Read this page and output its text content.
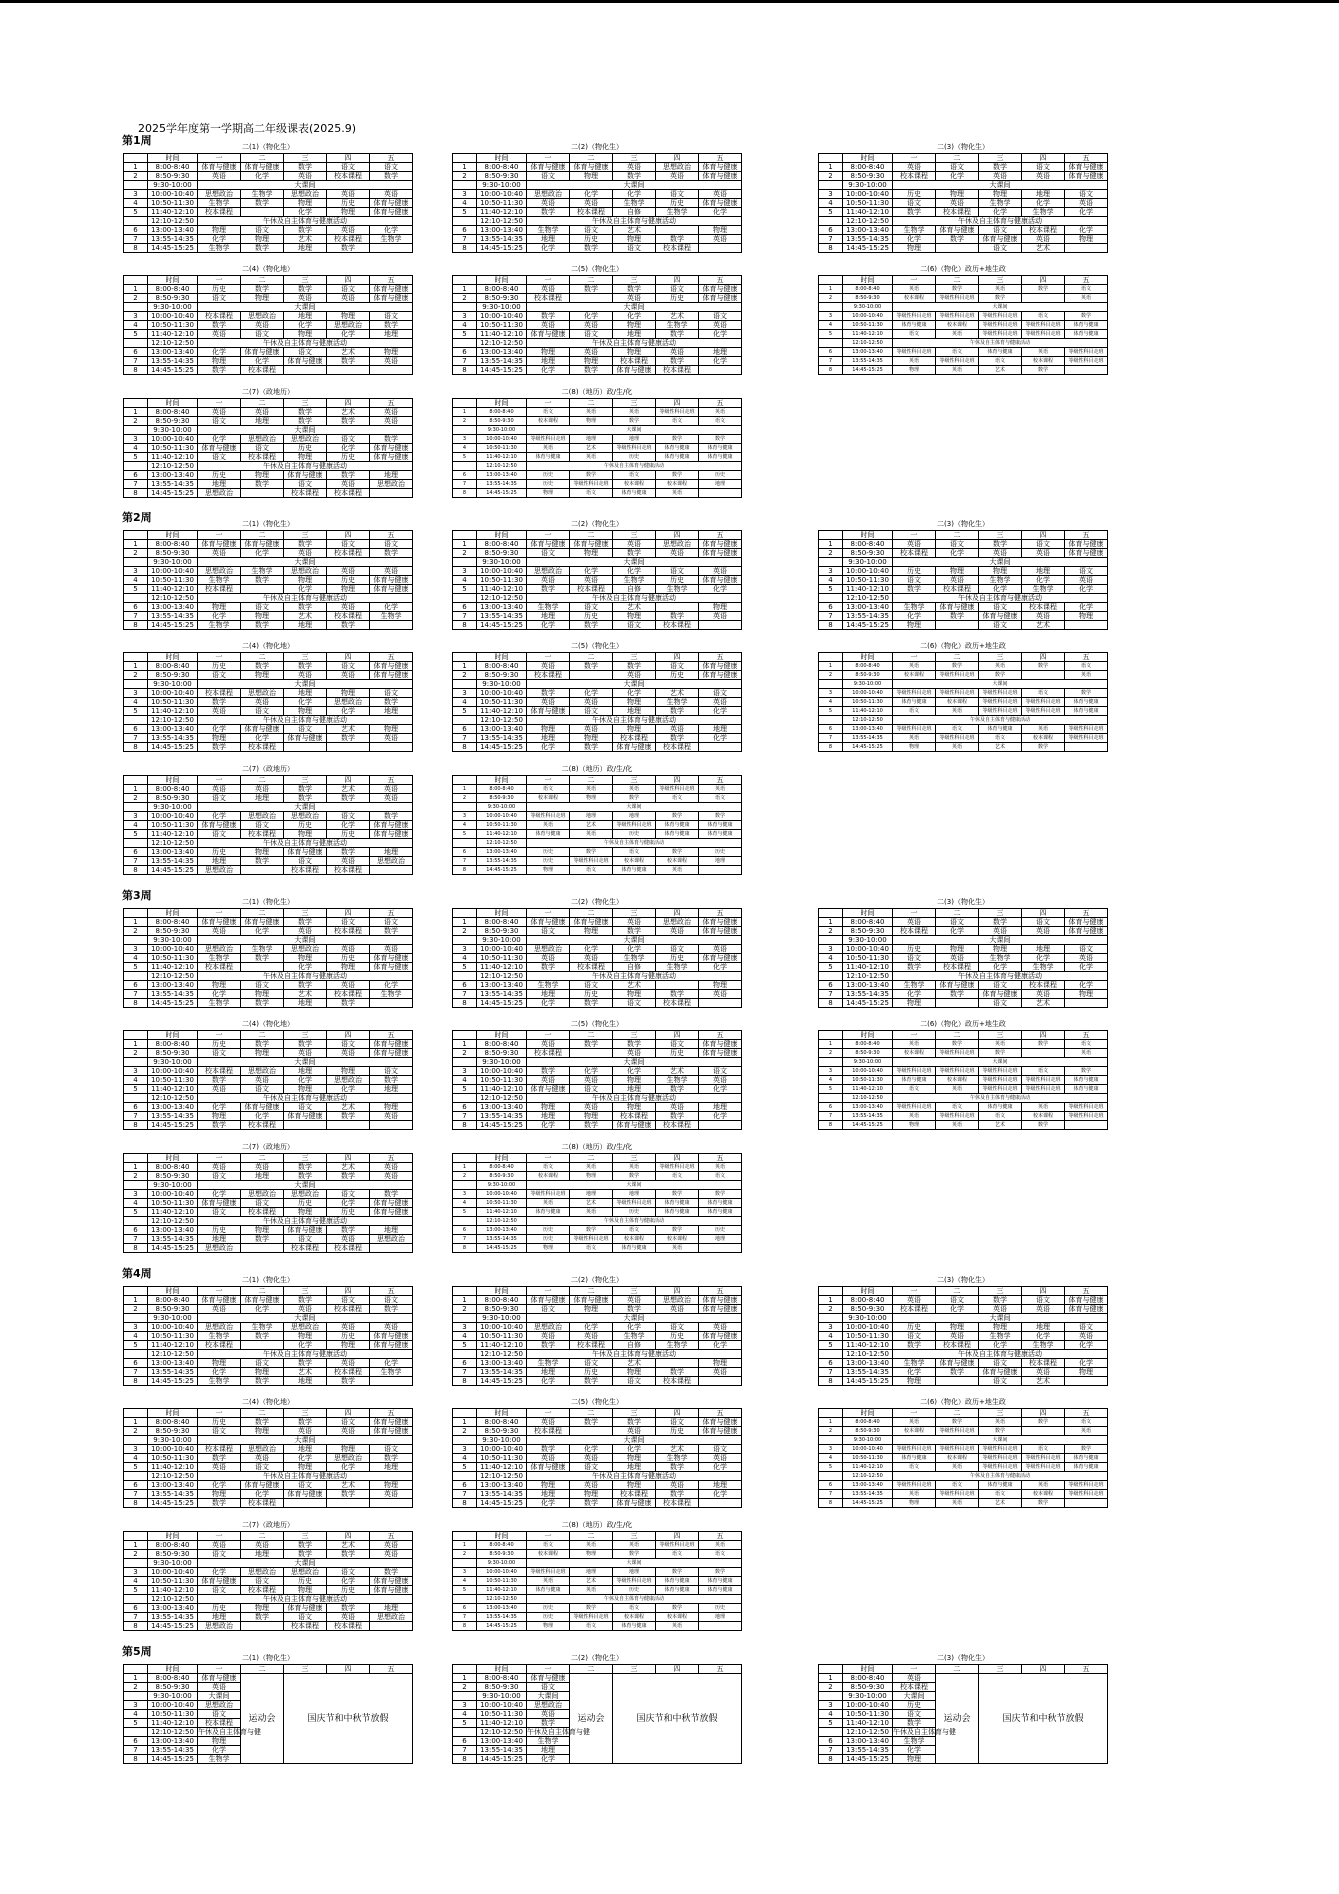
2025学年度第一学期高二年级课表(2025.9)
第1周	二(1)（物化生）
	时间	一	二	三	四	五
1	8:00-8:40	体育与健康	体育与健康	数学	语文	语文
2	8:50-9:30	英语	化学	英语	校本课程	数学
	9:30-10:00	大课间				
3	10:00-10:40	思想政治	生物学	思想政治	英语	英语
4	10:50-11:30	生物学	数学	物理	历史	体育与健康
5	11:40-12:10	校本课程		化学	物理	体育与健康
	12:10-12:50	午休及自主体育与健康活动				
6	13:00-13:40	物理	语文	数学	英语	化学
7	13:55-14:35	化学	物理	艺术	校本课程	生物学
8	14:45-15:25	生物学	数学	地理	数学	
二(2)（物化生）
	时间	一	二	三	四	五
1	8:00-8:40	体育与健康	体育与健康	英语	思想政治	体育与健康
2	8:50-9:30	语文	物理	数学	英语	体育与健康
	9:30-10:00	大课间				
3	10:00-10:40	思想政治	化学	化学	语文	英语
4	10:50-11:30	英语	英语	生物学	历史	体育与健康
5	11:40-12:10	数学	校本课程	自修	生物学	化学
	12:10-12:50	午休及自主体育与健康活动				
6	13:00-13:40	生物学	语文	艺术		物理
7	13:55-14:35	地理	历史	物理	数学	英语
8	14:45-15:25	化学	数学	语文	校本课程	
二(3)（物化生）
	时间	一	二	三	四	五
1	8:00-8:40	英语	语文	数学	语文	体育与健康
2	8:50-9:30	校本课程	化学	英语	英语	体育与健康
	9:30-10:00	大课间				
3	10:00-10:40	历史	物理	物理	地理	语文
4	10:50-11:30	语文	英语	生物学	化学	英语
5	11:40-12:10	数学	校本课程	化学	生物学	化学
	12:10-12:50	午休及自主体育与健康活动				
6	13:00-13:40	生物学	体育与健康	语文	校本课程	化学
7	13:55-14:35	化学	数学	体育与健康	英语	物理
8	14:45-15:25	物理		语文	艺术	
二(4)（物化地）
	时间	一	二	三	四	五
1	8:00-8:40	历史	数学	数学	语文	体育与健康
2	8:50-9:30	语文	物理	英语	英语	体育与健康
	9:30-10:00	大课间				
3	10:00-10:40	校本课程	思想政治	地理	物理	语文
4	10:50-11:30	数学	英语	化学	思想政治	数学
5	11:40-12:10	英语	语文	物理	化学	地理
	12:10-12:50	午休及自主体育与健康活动				
6	13:00-13:40	化学	体育与健康	语文	艺术	物理
7	13:55-14:35	物理	化学	体育与健康	数学	英语
8	14:45-15:25	数学	校本课程			
二(5)（物化生）
	时间	一	二	三	四	五
1	8:00-8:40	英语	数学	数学	语文	体育与健康
2	8:50-9:30	校本课程		英语	历史	体育与健康
	9:30-10:00	大课间				
3	10:00-10:40	数学	化学	化学	艺术	语文
4	10:50-11:30	英语	英语	物理	生物学	英语
5	11:40-12:10	体育与健康	语文	地理	数学	化学
	12:10-12:50	午休及自主体育与健康活动				
6	13:00-13:40	物理	英语	物理	英语	地理
7	13:55-14:35	地理	物理	校本课程	数学	化学
8	14:45-15:25	化学	数学	体育与健康	校本课程	
二(6)（物化）政历+地生政
	时间	一	二	三	四	五
1	8:00-8:40	英语	数学	英语	数学	语文
2	8:50-9:30	校本课程	等级性科目走班	数学		英语
	9:30-10:00	大课间				
3	10:00-10:40	等级性科目走班	等级性科目走班	等级性科目走班	语文	数学
4	10:50-11:30	体育与健康	校本课程	等级性科目走班	等级性科目走班	体育与健康
5	11:40-12:10	语文	英语	等级性科目走班	等级性科目走班	体育与健康
	12:10-12:50	午休及自主体育与健康活动				
6	13:00-13:40	等级性科目走班	语文	体育与健康	英语	等级性科目走班
7	13:55-14:35	英语	等级性科目走班	语文	校本课程	等级性科目走班
8	14:45-15:25	物理	英语	艺术	数学	
二(7)（政地历）
	时间	一	二	三	四	五
1	8:00-8:40	英语	英语	数学	艺术	英语
2	8:50-9:30	语文	地理	数学	数学	英语
	9:30-10:00	大课间				
3	10:00-10:40	化学	思想政治	思想政治	语文	数学
4	10:50-11:30	体育与健康	语文	历史	化学	体育与健康
5	11:40-12:10	语文	校本课程	物理	历史	体育与健康
	12:10-12:50	午休及自主体育与健康活动				
6	13:00-13:40	历史	物理	体育与健康	数学	地理
7	13:55-14:35	地理	数学	语文	英语	思想政治
8	14:45-15:25	思想政治		校本课程	校本课程	
二(8)（地历）政/生/化
	时间	一	二	三	四	五
1	8:00-8:40	语文	英语	英语	等级性科目走班	英语
2	8:50-9:30	校本课程	物理	数学	语文	语文
	9:30-10:00	大课间				
3	10:00-10:40	等级性科目走班	地理	地理	数学	数学
4	10:50-11:30	英语	艺术	等级性科目走班	体育与健康	体育与健康
5	11:40-12:10	体育与健康	英语	历史	体育与健康	体育与健康
	12:10-12:50	午休及自主体育与健康活动				
6	13:00-13:40	历史	数学	语文	数学	历史
7	13:55-14:35	历史	等级性科目走班	校本课程	校本课程	地理
8	14:45-15:25	物理	语文	体育与健康	英语	
第2周	二(1)（物化生）
	时间	一	二	三	四	五
1	8:00-8:40	体育与健康	体育与健康	数学	语文	语文
2	8:50-9:30	英语	化学	英语	校本课程	数学
	9:30-10:00	大课间				
3	10:00-10:40	思想政治	生物学	思想政治	英语	英语
4	10:50-11:30	生物学	数学	物理	历史	体育与健康
5	11:40-12:10	校本课程		化学	物理	体育与健康
	12:10-12:50	午休及自主体育与健康活动				
6	13:00-13:40	物理	语文	数学	英语	化学
7	13:55-14:35	化学	物理	艺术	校本课程	生物学
8	14:45-15:25	生物学	数学	地理	数学	
二(2)（物化生）
	时间	一	二	三	四	五
1	8:00-8:40	体育与健康	体育与健康	英语	思想政治	体育与健康
2	8:50-9:30	语文	物理	数学	英语	体育与健康
	9:30-10:00	大课间				
3	10:00-10:40	思想政治	化学	化学	语文	英语
4	10:50-11:30	英语	英语	生物学	历史	体育与健康
5	11:40-12:10	数学	校本课程	自修	生物学	化学
	12:10-12:50	午休及自主体育与健康活动				
6	13:00-13:40	生物学	语文	艺术		物理
7	13:55-14:35	地理	历史	物理	数学	英语
8	14:45-15:25	化学	数学	语文	校本课程	
二(3)（物化生）
	时间	一	二	三	四	五
1	8:00-8:40	英语	语文	数学	语文	体育与健康
2	8:50-9:30	校本课程	化学	英语	英语	体育与健康
	9:30-10:00	大课间				
3	10:00-10:40	历史	物理	物理	地理	语文
4	10:50-11:30	语文	英语	生物学	化学	英语
5	11:40-12:10	数学	校本课程	化学	生物学	化学
	12:10-12:50	午休及自主体育与健康活动				
6	13:00-13:40	生物学	体育与健康	语文	校本课程	化学
7	13:55-14:35	化学	数学	体育与健康	英语	物理
8	14:45-15:25	物理		语文	艺术	
二(4)（物化地）
	时间	一	二	三	四	五
1	8:00-8:40	历史	数学	数学	语文	体育与健康
2	8:50-9:30	语文	物理	英语	英语	体育与健康
	9:30-10:00	大课间				
3	10:00-10:40	校本课程	思想政治	地理	物理	语文
4	10:50-11:30	数学	英语	化学	思想政治	数学
5	11:40-12:10	英语	语文	物理	化学	地理
	12:10-12:50	午休及自主体育与健康活动				
6	13:00-13:40	化学	体育与健康	语文	艺术	物理
7	13:55-14:35	物理	化学	体育与健康	数学	英语
8	14:45-15:25	数学	校本课程			
二(5)（物化生）
	时间	一	二	三	四	五
1	8:00-8:40	英语	数学	数学	语文	体育与健康
2	8:50-9:30	校本课程		英语	历史	体育与健康
	9:30-10:00	大课间				
3	10:00-10:40	数学	化学	化学	艺术	语文
4	10:50-11:30	英语	英语	物理	生物学	英语
5	11:40-12:10	体育与健康	语文	地理	数学	化学
	12:10-12:50	午休及自主体育与健康活动				
6	13:00-13:40	物理	英语	物理	英语	地理
7	13:55-14:35	地理	物理	校本课程	数学	化学
8	14:45-15:25	化学	数学	体育与健康	校本课程	
二(6)（物化）政历+地生政
	时间	一	二	三	四	五
1	8:00-8:40	英语	数学	英语	数学	语文
2	8:50-9:30	校本课程	等级性科目走班	数学		英语
	9:30-10:00	大课间				
3	10:00-10:40	等级性科目走班	等级性科目走班	等级性科目走班	语文	数学
4	10:50-11:30	体育与健康	校本课程	等级性科目走班	等级性科目走班	体育与健康
5	11:40-12:10	语文	英语	等级性科目走班	等级性科目走班	体育与健康
	12:10-12:50	午休及自主体育与健康活动				
6	13:00-13:40	等级性科目走班	语文	体育与健康	英语	等级性科目走班
7	13:55-14:35	英语	等级性科目走班	语文	校本课程	等级性科目走班
8	14:45-15:25	物理	英语	艺术	数学	
二(7)（政地历）
	时间	一	二	三	四	五
1	8:00-8:40	英语	英语	数学	艺术	英语
2	8:50-9:30	语文	地理	数学	数学	英语
	9:30-10:00	大课间				
3	10:00-10:40	化学	思想政治	思想政治	语文	数学
4	10:50-11:30	体育与健康	语文	历史	化学	体育与健康
5	11:40-12:10	语文	校本课程	物理	历史	体育与健康
	12:10-12:50	午休及自主体育与健康活动				
6	13:00-13:40	历史	物理	体育与健康	数学	地理
7	13:55-14:35	地理	数学	语文	英语	思想政治
8	14:45-15:25	思想政治		校本课程	校本课程	
二(8)（地历）政/生/化
	时间	一	二	三	四	五
1	8:00-8:40	语文	英语	英语	等级性科目走班	英语
2	8:50-9:30	校本课程	物理	数学	语文	语文
	9:30-10:00	大课间				
3	10:00-10:40	等级性科目走班	地理	地理	数学	数学
4	10:50-11:30	英语	艺术	等级性科目走班	体育与健康	体育与健康
5	11:40-12:10	体育与健康	英语	历史	体育与健康	体育与健康
	12:10-12:50	午休及自主体育与健康活动				
6	13:00-13:40	历史	数学	语文	数学	历史
7	13:55-14:35	历史	等级性科目走班	校本课程	校本课程	地理
8	14:45-15:25	物理	语文	体育与健康	英语	
第3周	二(1)（物化生）
	时间	一	二	三	四	五
1	8:00-8:40	体育与健康	体育与健康	数学	语文	语文
2	8:50-9:30	英语	化学	英语	校本课程	数学
	9:30-10:00	大课间				
3	10:00-10:40	思想政治	生物学	思想政治	英语	英语
4	10:50-11:30	生物学	数学	物理	历史	体育与健康
5	11:40-12:10	校本课程		化学	物理	体育与健康
	12:10-12:50	午休及自主体育与健康活动				
6	13:00-13:40	物理	语文	数学	英语	化学
7	13:55-14:35	化学	物理	艺术	校本课程	生物学
8	14:45-15:25	生物学	数学	地理	数学	
二(2)（物化生）
	时间	一	二	三	四	五
1	8:00-8:40	体育与健康	体育与健康	英语	思想政治	体育与健康
2	8:50-9:30	语文	物理	数学	英语	体育与健康
	9:30-10:00	大课间				
3	10:00-10:40	思想政治	化学	化学	语文	英语
4	10:50-11:30	英语	英语	生物学	历史	体育与健康
5	11:40-12:10	数学	校本课程	自修	生物学	化学
	12:10-12:50	午休及自主体育与健康活动				
6	13:00-13:40	生物学	语文	艺术		物理
7	13:55-14:35	地理	历史	物理	数学	英语
8	14:45-15:25	化学	数学	语文	校本课程	
二(3)（物化生）
	时间	一	二	三	四	五
1	8:00-8:40	英语	语文	数学	语文	体育与健康
2	8:50-9:30	校本课程	化学	英语	英语	体育与健康
	9:30-10:00	大课间				
3	10:00-10:40	历史	物理	物理	地理	语文
4	10:50-11:30	语文	英语	生物学	化学	英语
5	11:40-12:10	数学	校本课程	化学	生物学	化学
	12:10-12:50	午休及自主体育与健康活动				
6	13:00-13:40	生物学	体育与健康	语文	校本课程	化学
7	13:55-14:35	化学	数学	体育与健康	英语	物理
8	14:45-15:25	物理		语文	艺术	
二(4)（物化地）
	时间	一	二	三	四	五
1	8:00-8:40	历史	数学	数学	语文	体育与健康
2	8:50-9:30	语文	物理	英语	英语	体育与健康
	9:30-10:00	大课间				
3	10:00-10:40	校本课程	思想政治	地理	物理	语文
4	10:50-11:30	数学	英语	化学	思想政治	数学
5	11:40-12:10	英语	语文	物理	化学	地理
	12:10-12:50	午休及自主体育与健康活动				
6	13:00-13:40	化学	体育与健康	语文	艺术	物理
7	13:55-14:35	物理	化学	体育与健康	数学	英语
8	14:45-15:25	数学	校本课程			
二(5)（物化生）
	时间	一	二	三	四	五
1	8:00-8:40	英语	数学	数学	语文	体育与健康
2	8:50-9:30	校本课程		英语	历史	体育与健康
	9:30-10:00	大课间				
3	10:00-10:40	数学	化学	化学	艺术	语文
4	10:50-11:30	英语	英语	物理	生物学	英语
5	11:40-12:10	体育与健康	语文	地理	数学	化学
	12:10-12:50	午休及自主体育与健康活动				
6	13:00-13:40	物理	英语	物理	英语	地理
7	13:55-14:35	地理	物理	校本课程	数学	化学
8	14:45-15:25	化学	数学	体育与健康	校本课程	
二(6)（物化）政历+地生政
	时间	一	二	三	四	五
1	8:00-8:40	英语	数学	英语	数学	语文
2	8:50-9:30	校本课程	等级性科目走班	数学		英语
	9:30-10:00	大课间				
3	10:00-10:40	等级性科目走班	等级性科目走班	等级性科目走班	语文	数学
4	10:50-11:30	体育与健康	校本课程	等级性科目走班	等级性科目走班	体育与健康
5	11:40-12:10	语文	英语	等级性科目走班	等级性科目走班	体育与健康
	12:10-12:50	午休及自主体育与健康活动				
6	13:00-13:40	等级性科目走班	语文	体育与健康	英语	等级性科目走班
7	13:55-14:35	英语	等级性科目走班	语文	校本课程	等级性科目走班
8	14:45-15:25	物理	英语	艺术	数学	
二(7)（政地历）
	时间	一	二	三	四	五
1	8:00-8:40	英语	英语	数学	艺术	英语
2	8:50-9:30	语文	地理	数学	数学	英语
	9:30-10:00	大课间				
3	10:00-10:40	化学	思想政治	思想政治	语文	数学
4	10:50-11:30	体育与健康	语文	历史	化学	体育与健康
5	11:40-12:10	语文	校本课程	物理	历史	体育与健康
	12:10-12:50	午休及自主体育与健康活动				
6	13:00-13:40	历史	物理	体育与健康	数学	地理
7	13:55-14:35	地理	数学	语文	英语	思想政治
8	14:45-15:25	思想政治		校本课程	校本课程	
二(8)（地历）政/生/化
	时间	一	二	三	四	五
1	8:00-8:40	语文	英语	英语	等级性科目走班	英语
2	8:50-9:30	校本课程	物理	数学	语文	语文
	9:30-10:00	大课间				
3	10:00-10:40	等级性科目走班	地理	地理	数学	数学
4	10:50-11:30	英语	艺术	等级性科目走班	体育与健康	体育与健康
5	11:40-12:10	体育与健康	英语	历史	体育与健康	体育与健康
	12:10-12:50	午休及自主体育与健康活动				
6	13:00-13:40	历史	数学	语文	数学	历史
7	13:55-14:35	历史	等级性科目走班	校本课程	校本课程	地理
8	14:45-15:25	物理	语文	体育与健康	英语	
第4周	二(1)（物化生）
	时间	一	二	三	四	五
1	8:00-8:40	体育与健康	体育与健康	数学	语文	语文
2	8:50-9:30	英语	化学	英语	校本课程	数学
	9:30-10:00	大课间				
3	10:00-10:40	思想政治	生物学	思想政治	英语	英语
4	10:50-11:30	生物学	数学	物理	历史	体育与健康
5	11:40-12:10	校本课程		化学	物理	体育与健康
	12:10-12:50	午休及自主体育与健康活动				
6	13:00-13:40	物理	语文	数学	英语	化学
7	13:55-14:35	化学	物理	艺术	校本课程	生物学
8	14:45-15:25	生物学	数学	地理	数学	
二(2)（物化生）
	时间	一	二	三	四	五
1	8:00-8:40	体育与健康	体育与健康	英语	思想政治	体育与健康
2	8:50-9:30	语文	物理	数学	英语	体育与健康
	9:30-10:00	大课间				
3	10:00-10:40	思想政治	化学	化学	语文	英语
4	10:50-11:30	英语	英语	生物学	历史	体育与健康
5	11:40-12:10	数学	校本课程	自修	生物学	化学
	12:10-12:50	午休及自主体育与健康活动				
6	13:00-13:40	生物学	语文	艺术		物理
7	13:55-14:35	地理	历史	物理	数学	英语
8	14:45-15:25	化学	数学	语文	校本课程	
二(3)（物化生）
	时间	一	二	三	四	五
1	8:00-8:40	英语	语文	数学	语文	体育与健康
2	8:50-9:30	校本课程	化学	英语	英语	体育与健康
	9:30-10:00	大课间				
3	10:00-10:40	历史	物理	物理	地理	语文
4	10:50-11:30	语文	英语	生物学	化学	英语
5	11:40-12:10	数学	校本课程	化学	生物学	化学
	12:10-12:50	午休及自主体育与健康活动				
6	13:00-13:40	生物学	体育与健康	语文	校本课程	化学
7	13:55-14:35	化学	数学	体育与健康	英语	物理
8	14:45-15:25	物理		语文	艺术	
二(4)（物化地）
	时间	一	二	三	四	五
1	8:00-8:40	历史	数学	数学	语文	体育与健康
2	8:50-9:30	语文	物理	英语	英语	体育与健康
	9:30-10:00	大课间				
3	10:00-10:40	校本课程	思想政治	地理	物理	语文
4	10:50-11:30	数学	英语	化学	思想政治	数学
5	11:40-12:10	英语	语文	物理	化学	地理
	12:10-12:50	午休及自主体育与健康活动				
6	13:00-13:40	化学	体育与健康	语文	艺术	物理
7	13:55-14:35	物理	化学	体育与健康	数学	英语
8	14:45-15:25	数学	校本课程			
二(5)（物化生）
	时间	一	二	三	四	五
1	8:00-8:40	英语	数学	数学	语文	体育与健康
2	8:50-9:30	校本课程		英语	历史	体育与健康
	9:30-10:00	大课间				
3	10:00-10:40	数学	化学	化学	艺术	语文
4	10:50-11:30	英语	英语	物理	生物学	英语
5	11:40-12:10	体育与健康	语文	地理	数学	化学
	12:10-12:50	午休及自主体育与健康活动				
6	13:00-13:40	物理	英语	物理	英语	地理
7	13:55-14:35	地理	物理	校本课程	数学	化学
8	14:45-15:25	化学	数学	体育与健康	校本课程	
二(6)（物化）政历+地生政
	时间	一	二	三	四	五
1	8:00-8:40	英语	数学	英语	数学	语文
2	8:50-9:30	校本课程	等级性科目走班	数学		英语
	9:30-10:00	大课间				
3	10:00-10:40	等级性科目走班	等级性科目走班	等级性科目走班	语文	数学
4	10:50-11:30	体育与健康	校本课程	等级性科目走班	等级性科目走班	体育与健康
5	11:40-12:10	语文	英语	等级性科目走班	等级性科目走班	体育与健康
	12:10-12:50	午休及自主体育与健康活动				
6	13:00-13:40	等级性科目走班	语文	体育与健康	英语	等级性科目走班
7	13:55-14:35	英语	等级性科目走班	语文	校本课程	等级性科目走班
8	14:45-15:25	物理	英语	艺术	数学	
二(7)（政地历）
	时间	一	二	三	四	五
1	8:00-8:40	英语	英语	数学	艺术	英语
2	8:50-9:30	语文	地理	数学	数学	英语
	9:30-10:00	大课间				
3	10:00-10:40	化学	思想政治	思想政治	语文	数学
4	10:50-11:30	体育与健康	语文	历史	化学	体育与健康
5	11:40-12:10	语文	校本课程	物理	历史	体育与健康
	12:10-12:50	午休及自主体育与健康活动				
6	13:00-13:40	历史	物理	体育与健康	数学	地理
7	13:55-14:35	地理	数学	语文	英语	思想政治
8	14:45-15:25	思想政治		校本课程	校本课程	
二(8)（地历）政/生/化
	时间	一	二	三	四	五
1	8:00-8:40	语文	英语	英语	等级性科目走班	英语
2	8:50-9:30	校本课程	物理	数学	语文	语文
	9:30-10:00	大课间				
3	10:00-10:40	等级性科目走班	地理	地理	数学	数学
4	10:50-11:30	英语	艺术	等级性科目走班	体育与健康	体育与健康
5	11:40-12:10	体育与健康	英语	历史	体育与健康	体育与健康
	12:10-12:50	午休及自主体育与健康活动				
6	13:00-13:40	历史	数学	语文	数学	历史
7	13:55-14:35	历史	等级性科目走班	校本课程	校本课程	地理
8	14:45-15:25	物理	语文	体育与健康	英语	
第5周	二(1)（物化生）
	时间	一	二	三	四	五
1	8:00-8:40	体育与健康	运动会	国庆节和中秋节放假		
2	8:50-9:30	英语				
	9:30-10:00	大课间				
3	10:00-10:40	思想政治				
4	10:50-11:30	语文				
5	11:40-12:10	校本课程				
	12:10-12:50	午休及自主体育与健				
6	13:00-13:40	物理				
7	13:55-14:35	化学				
8	14:45-15:25	生物学				
二(2)（物化生）
	时间	一	二	三	四	五
1	8:00-8:40	体育与健康	运动会	国庆节和中秋节放假		
2	8:50-9:30	语文				
	9:30-10:00	大课间				
3	10:00-10:40	思想政治				
4	10:50-11:30	英语				
5	11:40-12:10	数学				
	12:10-12:50	午休及自主体育与健				
6	13:00-13:40	生物学				
7	13:55-14:35	地理				
8	14:45-15:25	化学				
二(3)（物化生）
	时间	一	二	三	四	五
1	8:00-8:40	英语	运动会	国庆节和中秋节放假		
2	8:50-9:30	校本课程				
	9:30-10:00	大课间				
3	10:00-10:40	历史				
4	10:50-11:30	语文				
5	11:40-12:10	数学				
	12:10-12:50	午休及自主体育与健				
6	13:00-13:40	生物学				
7	13:55-14:35	化学				
8	14:45-15:25	物理				
